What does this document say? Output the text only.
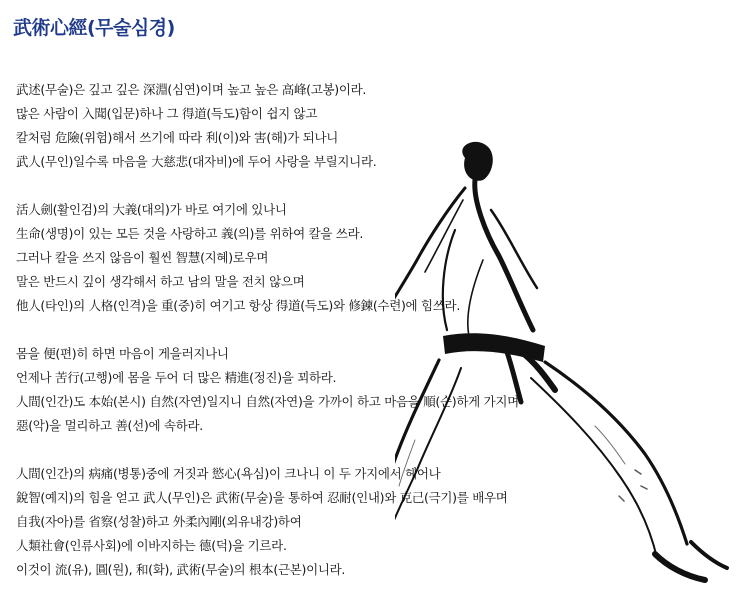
武術心經(무술심경)
武述(무술)은 깊고 깊은 深淵(심연)이며 높고 높은 高峰(고봉)이라.
많은 사람이 入聞(입문)하나 그 得道(득도)함이 쉽지 않고
칼처럼 危險(위험)해서 쓰기에 따라 利(이)와 害(해)가 되나니
武人(무인)일수록 마음을 大慈悲(대자비)에 두어 사랑을 부릴지니라.
活人劍(활인검)의 大義(대의)가 바로 여기에 있나니
生命(생명)이 있는 모든 것을 사랑하고 義(의)를 위하여 칼을 쓰라.
그러나 칼을 쓰지 않음이 훨씬 智慧(지혜)로우며
말은 반드시 깊이 생각해서 하고 남의 말을 전치 않으며
他人(타인)의 人格(인격)을 重(중)히 여기고 항상 得道(득도)와 修鍊(수련)에 힘쓰라.
몸을 便(편)히 하면 마음이 게을러지나니
언제나 苦行(고행)에 몸을 두어 더 많은 精進(정진)을 꾀하라.
人間(인간)도 本始(본시) 自然(자연)일지니 自然(자연)을 가까이 하고 마음을 順(순)하게 가지며
惡(악)을 멀리하고 善(선)에 속하라.
人間(인간)의 病痛(병통)중에 거짓과 慾心(욕심)이 크나니 이 두 가지에서 헤어나
銳智(예지)의 힘을 얻고 武人(무인)은 武術(무술)을 통하여 忍耐(인내)와 克己(극기)를 배우며
自我(자아)를 省察(성찰)하고 外柔內剛(외유내강)하여
人類社會(인류사회)에 이바지하는 德(덕)을 기르라.
이것이 流(유), 圓(원), 和(화), 武術(무술)의 根本(근본)이니라.
